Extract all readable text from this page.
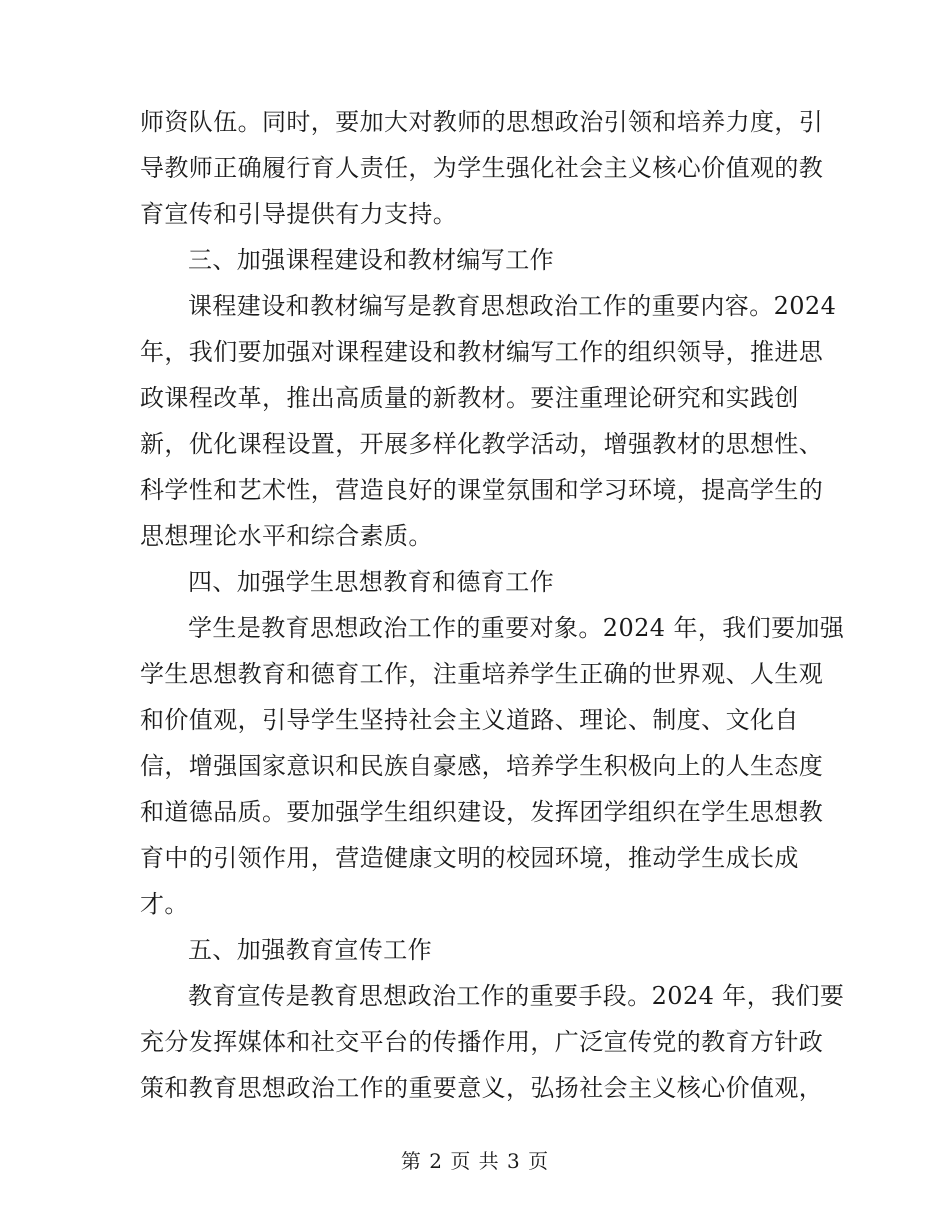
师资队伍。同时，要加大对教师的思想政治引领和培养力度，引
导教师正确履行育人责任，为学生强化社会主义核心价值观的教
育宣传和引导提供有力支持。
三、加强课程建设和教材编写工作
课程建设和教材编写是教育思想政治工作的重要内容。2024
年，我们要加强对课程建设和教材编写工作的组织领导，推进思
政课程改革，推出高质量的新教材。要注重理论研究和实践创
新，优化课程设置，开展多样化教学活动，增强教材的思想性、
科学性和艺术性，营造良好的课堂氛围和学习环境，提高学生的
思想理论水平和综合素质。
四、加强学生思想教育和德育工作
学生是教育思想政治工作的重要对象。2024 年，我们要加强
学生思想教育和德育工作，注重培养学生正确的世界观、人生观
和价值观，引导学生坚持社会主义道路、理论、制度、文化自
信，增强国家意识和民族自豪感，培养学生积极向上的人生态度
和道德品质。要加强学生组织建设，发挥团学组织在学生思想教
育中的引领作用，营造健康文明的校园环境，推动学生成长成
才。
五、加强教育宣传工作
教育宣传是教育思想政治工作的重要手段。2024 年，我们要
充分发挥媒体和社交平台的传播作用，广泛宣传党的教育方针政
策和教育思想政治工作的重要意义，弘扬社会主义核心价值观，
第 2 页 共 3 页
